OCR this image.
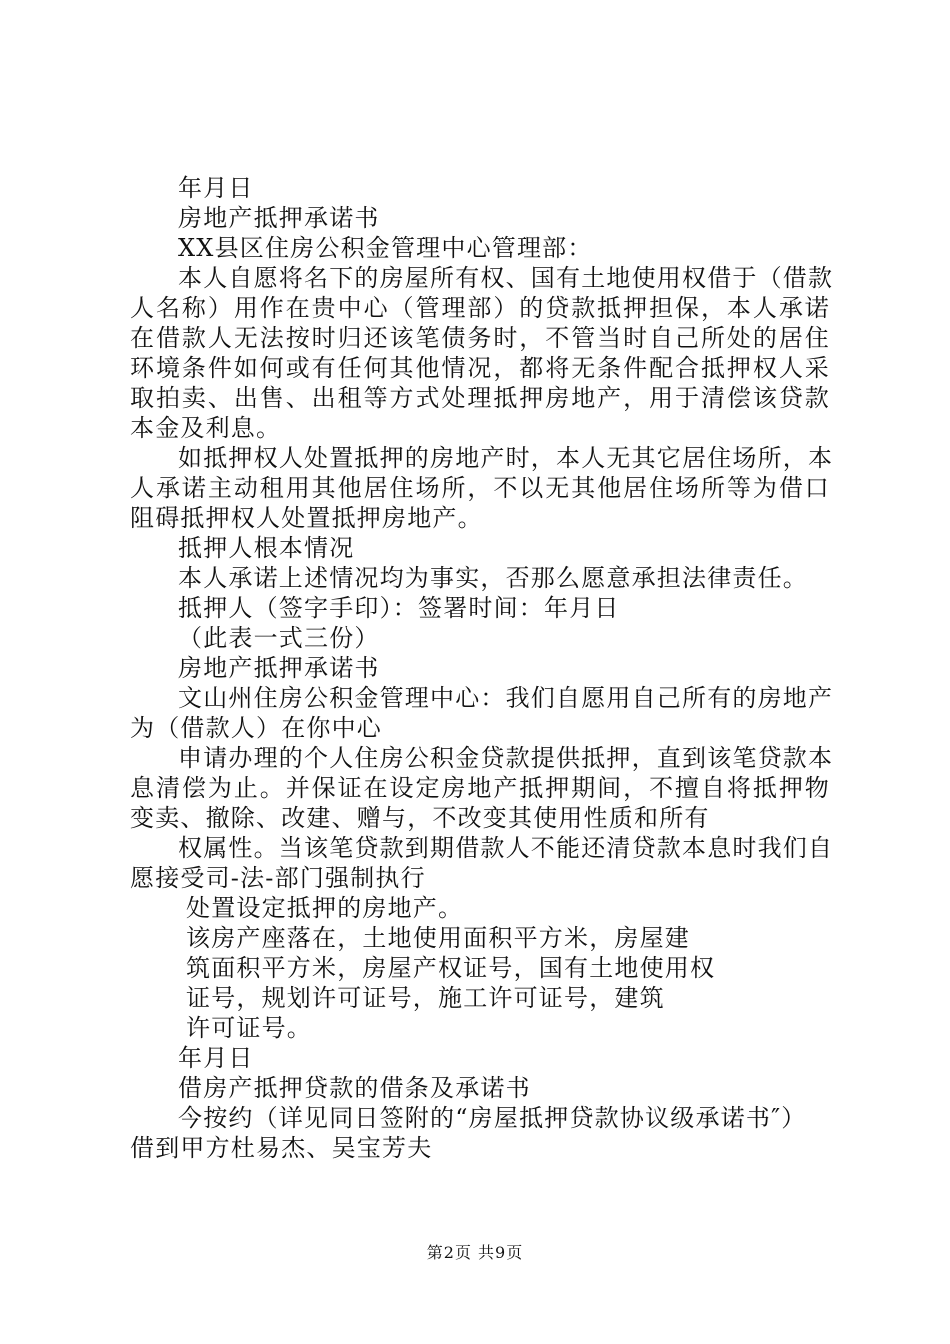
年月日
房地产抵押承诺书
XX县区住房公积金管理中心管理部：
本人自愿将名下的房屋所有权、国有土地使用权借于（借款
人名称）用作在贵中心（管理部）的贷款抵押担保，本人承诺
在借款人无法按时归还该笔债务时，不管当时自己所处的居住
环境条件如何或有任何其他情况，都将无条件配合抵押权人采
取拍卖、出售、出租等方式处理抵押房地产，用于清偿该贷款
本金及利息。
如抵押权人处置抵押的房地产时，本人无其它居住场所，本
人承诺主动租用其他居住场所，不以无其他居住场所等为借口
阻碍抵押权人处置抵押房地产。
抵押人根本情况
本人承诺上述情况均为事实，否那么愿意承担法律责任。
抵押人（签字手印）：签署时间：年月日
（此表一式三份）
房地产抵押承诺书
文山州住房公积金管理中心：我们自愿用自己所有的房地产
为（借款人）在你中心
申请办理的个人住房公积金贷款提供抵押，直到该笔贷款本
息清偿为止。并保证在设定房地产抵押期间，不擅自将抵押物
变卖、撤除、改建、赠与，不改变其使用性质和所有
权属性。当该笔贷款到期借款人不能还清贷款本息时我们自
愿接受司-法-部门强制执行
处置设定抵押的房地产。
该房产座落在，土地使用面积平方米，房屋建
筑面积平方米，房屋产权证号，国有土地使用权
证号，规划许可证号，施工许可证号，建筑
许可证号。
年月日
借房产抵押贷款的借条及承诺书
今按约（详见同日签附的“房屋抵押贷款协议级承诺书″）
借到甲方杜易杰、吴宝芳夫
第2页 共9页
